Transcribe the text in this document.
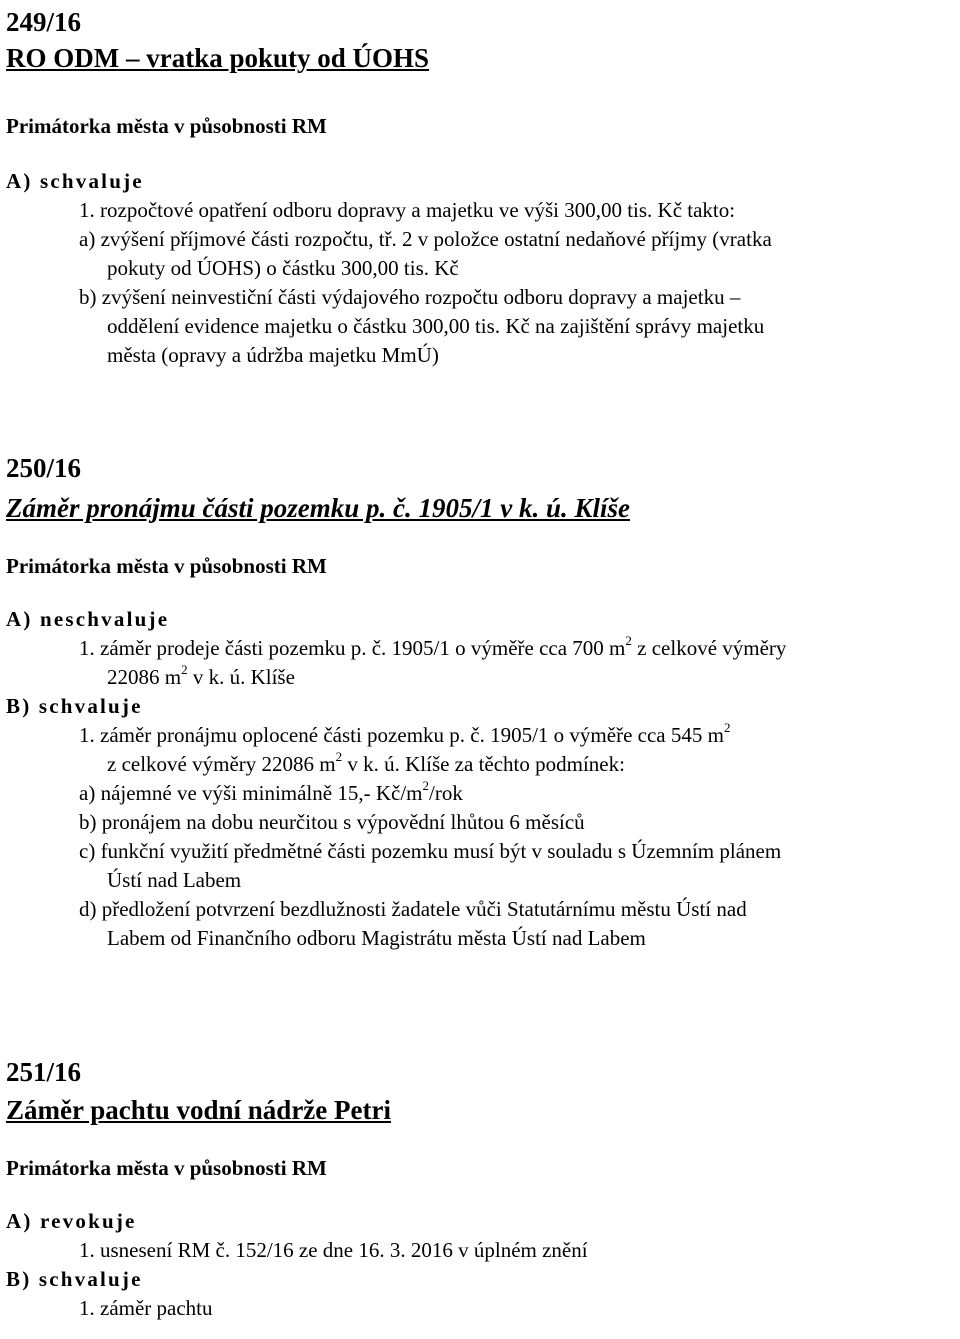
249/16
RO ODM – vratka pokuty od ÚOHS
Primátorka města v působnosti RM
A) schvaluje
1. rozpočtové opatření odboru dopravy a majetku ve výši 300,00 tis. Kč takto:
a) zvýšení příjmové části rozpočtu, tř. 2 v položce ostatní nedaňové příjmy (vratka
pokuty od ÚOHS) o částku 300,00 tis. Kč
b) zvýšení neinvestiční části výdajového rozpočtu odboru dopravy a majetku –
oddělení evidence majetku o částku 300,00 tis. Kč na zajištění správy majetku
města (opravy a údržba majetku MmÚ)
250/16
Záměr pronájmu části pozemku p. č. 1905/1 v k. ú. Klíše
Primátorka města v působnosti RM
A) neschvaluje
1. záměr prodeje části pozemku p. č. 1905/1 o výměře cca 700 $m^2$ z celkové výměry
22086 $m^2$ v k. ú. Klíše
B) schvaluje
1. záměr pronájmu oplocené části pozemku p. č. 1905/1 o výměře cca 545 $m^2$
z celkové výměry 22086 $m^2$ v k. ú. Klíše za těchto podmínek:
a) nájemné ve výši minimálně 15,- $Kč/m^2$/rok
b) pronájem na dobu neurčitou s výpovědní lhůtou 6 měsíců
c) funkční využití předmětné části pozemku musí být v souladu s Územním plánem
Ústí nad Labem
d) předložení potvrzení bezdlužnosti žadatele vůči Statutárnímu městu Ústí nad
Labem od Finančního odboru Magistrátu města Ústí nad Labem
251/16
Záměr pachtu vodní nádrže Petri
Primátorka města v působnosti RM
A) revokuje
1. usnesení RM č. 152/16 ze dne 16. 3. 2016 v úplném znění
B) schvaluje
1. záměr pachtu
